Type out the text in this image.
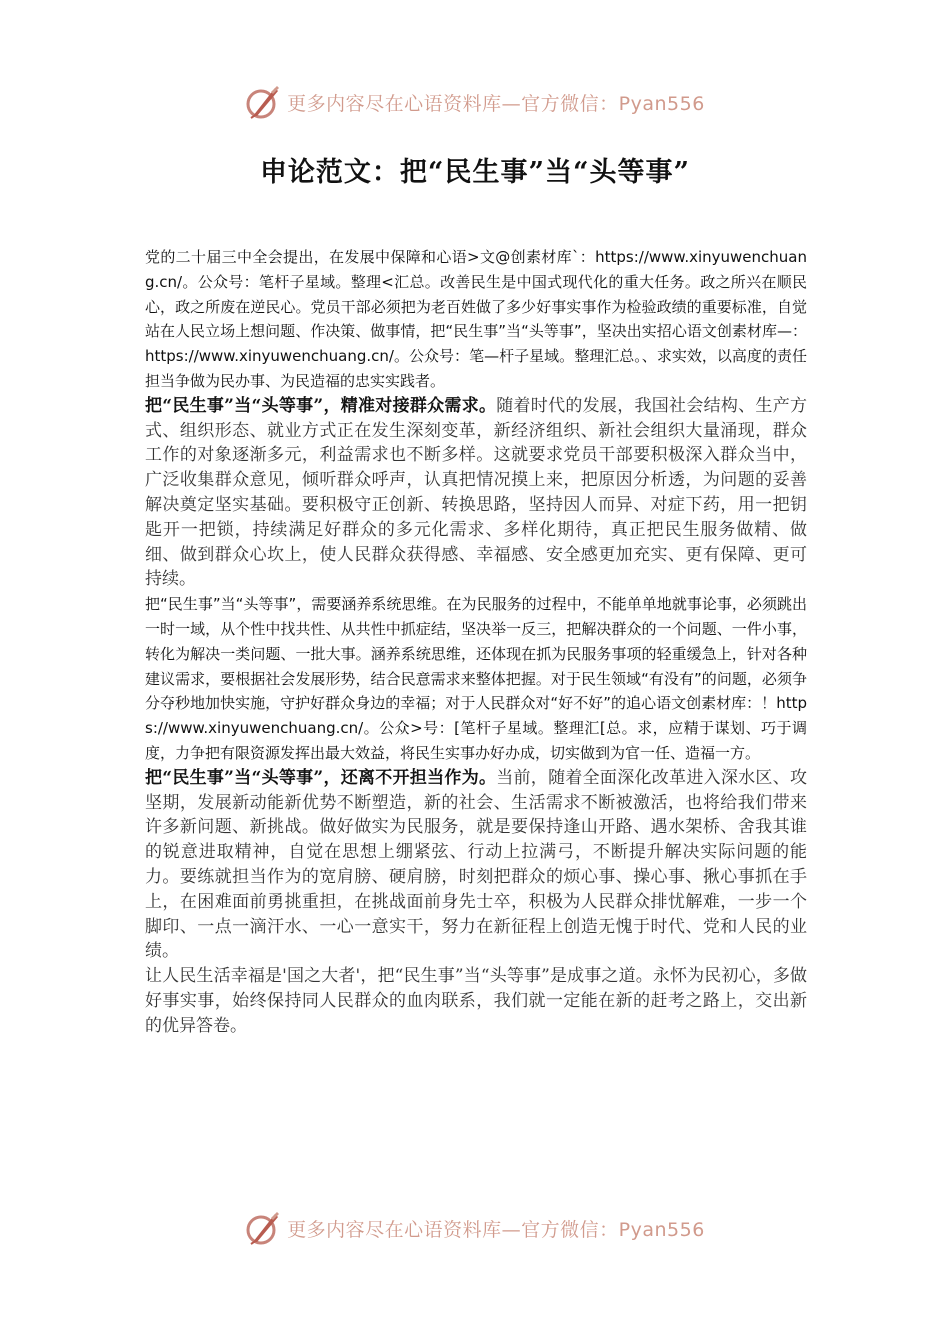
更多内容尽在心语资料库—官方微信：Pyan556
申论范文：把“民生事”当“头等事”

党的二十届三中全会提出，在发展中保障和心语>文@创素材库`：https://www.xinyuwenchuang.cn/。公众号：笔杆子星域。整理<汇总。改善民生是中国式现代化的重大任务。政之所兴在顺民心，政之所废在逆民心。党员干部必须把为老百姓做了多少好事实事作为检验政绩的重要标准，自觉站在人民立场上想问题、作决策、做事情，把“民生事”当“头等事”，坚决出实招心语文创素材库—：https://www.xinyuwenchuang.cn/。公众号：笔—杆子星域。整理汇总。、求实效，以高度的责任担当争做为民办事、为民造福的忠实实践者。

把“民生事”当“头等事”，精准对接群众需求。随着时代的发展，我国社会结构、生产方式、组织形态、就业方式正在发生深刻变革，新经济组织、新社会组织大量涌现，群众工作的对象逐渐多元，利益需求也不断多样。这就要求党员干部要积极深入群众当中，广泛收集群众意见，倾听群众呼声，认真把情况摸上来，把原因分析透，为问题的妥善解决奠定坚实基础。要积极守正创新、转换思路，坚持因人而异、对症下药，用一把钥匙开一把锁，持续满足好群众的多元化需求、多样化期待，真正把民生服务做精、做细、做到群众心坎上，使人民群众获得感、幸福感、安全感更加充实、更有保障、更可持续。

把“民生事”当“头等事”，需要涵养系统思维。在为民服务的过程中，不能单单地就事论事，必须跳出一时一域，从个性中找共性、从共性中抓症结，坚决举一反三，把解决群众的一个问题、一件小事，转化为解决一类问题、一批大事。涵养系统思维，还体现在抓为民服务事项的轻重缓急上，针对各种建议需求，要根据社会发展形势，结合民意需求来整体把握。对于民生领域“有没有”的问题，必须争分夺秒地加快实施，守护好群众身边的幸福；对于人民群众对“好不好”的追心语文创素材库：！https://www.xinyuwenchuang.cn/。公众>号：[笔杆子星域。整理汇[总。求，应精于谋划、巧于调度，力争把有限资源发挥出最大效益，将民生实事办好办成，切实做到为官一任、造福一方。

把“民生事”当“头等事”，还离不开担当作为。当前，随着全面深化改革进入深水区、攻坚期，发展新动能新优势不断塑造，新的社会、生活需求不断被激活，也将给我们带来许多新问题、新挑战。做好做实为民服务，就是要保持逢山开路、遇水架桥、舍我其谁的锐意进取精神，自觉在思想上绷紧弦、行动上拉满弓，不断提升解决实际问题的能力。要练就担当作为的宽肩膀、硬肩膀，时刻把群众的烦心事、操心事、揪心事抓在手上，在困难面前勇挑重担，在挑战面前身先士卒，积极为人民群众排忧解难，一步一个脚印、一点一滴汗水、一心一意实干，努力在新征程上创造无愧于时代、党和人民的业绩。

让人民生活幸福是'国之大者'，把“民生事”当“头等事”是成事之道。永怀为民初心，多做好事实事，始终保持同人民群众的血肉联系，我们就一定能在新的赶考之路上，交出新的优异答卷。

更多内容尽在心语资料库—官方微信：Pyan556
